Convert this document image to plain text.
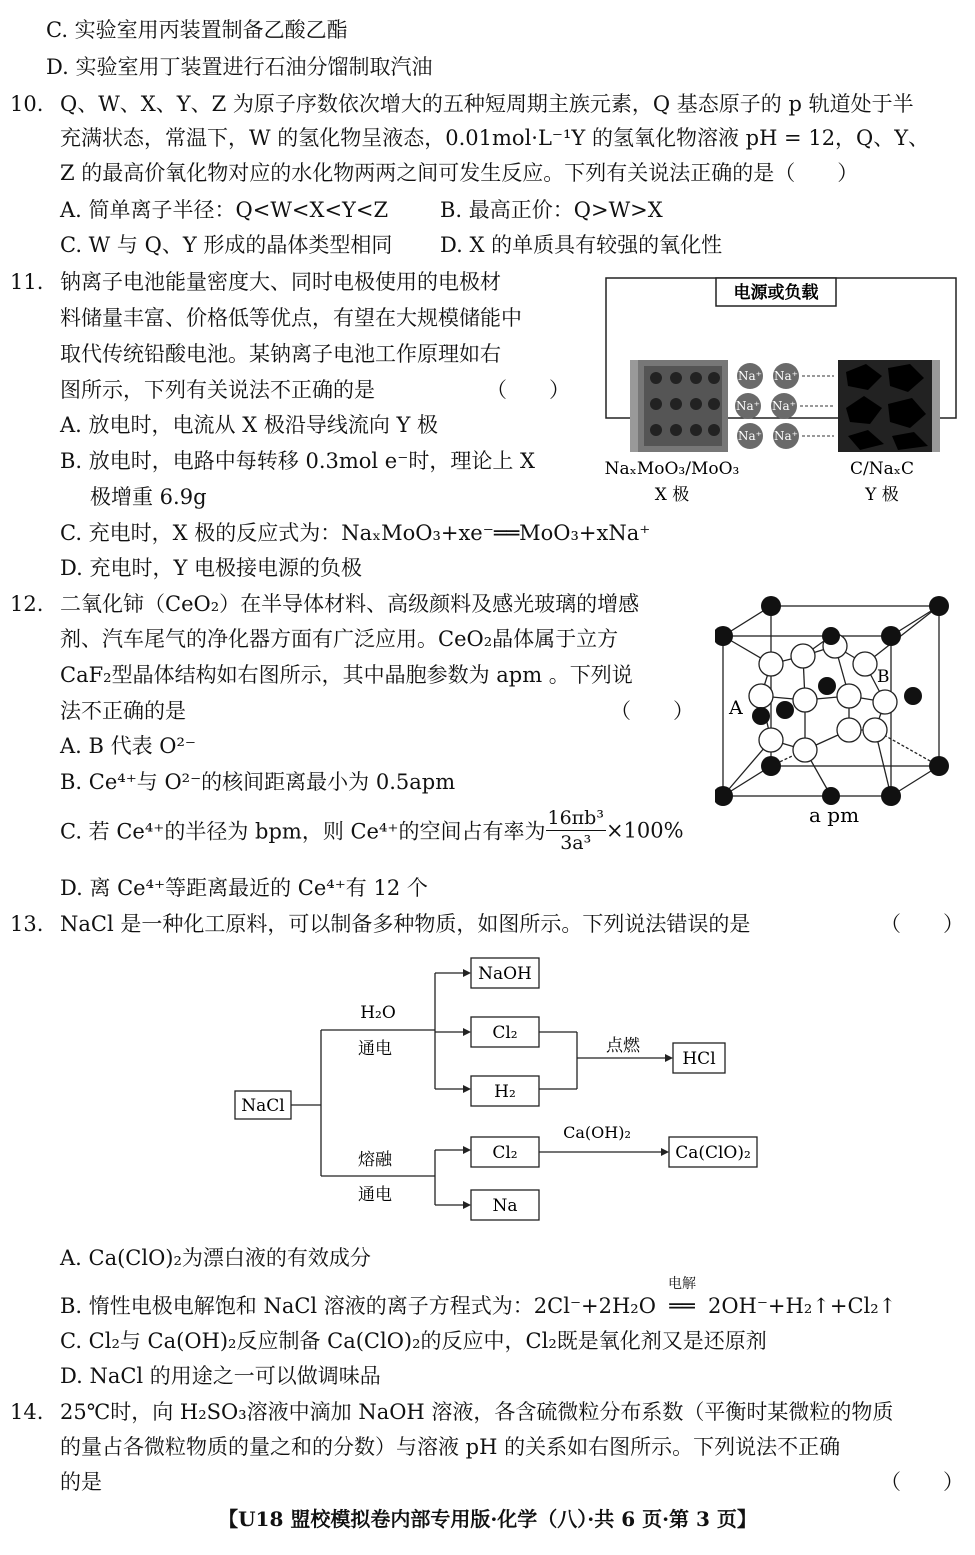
C. 实验室用丙装置制备乙酸乙酯
D. 实验室用丁装置进行石油分馏制取汽油
10. Q、W、X、Y、Z 为原子序数依次增大的五种短周期主族元素，Q 基态原子的 p 轨道处于半
充满状态，常温下，W 的氢化物呈液态，0.01mol·L⁻¹Y 的氢氧化物溶液 pH = 12，Q、Y、
Z 的最高价氧化物对应的水化物两两之间可发生反应。下列有关说法正确的是（　　）
A. 简单离子半径：Q<W<X<Y<Z B. 最高正价：Q>W>X
C. W 与 Q、Y 形成的晶体类型相同 D. X 的单质具有较强的氧化性
11. 钠离子电池能量密度大、同时电极使用的电极材
料储量丰富、价格低等优点，有望在大规模储能中
取代传统铅酸电池。某钠离子电池工作原理如右
图所示，下列有关说法不正确的是	（　　）
A. 放电时，电流从 X 极沿导线流向 Y 极
B. 放电时，电路中每转移 0.3mol e⁻时，理论上 X
极增重 6.9g
C. 充电时，X 极的反应式为：NaₓMoO₃+xe⁻══MoO₃+xNa⁺
D. 充电时，Y 电极接电源的负极
电源或负载
Na⁺ Na⁺
Na⁺ Na⁺
Na⁺ Na⁺
NaₓMoO₃/MoO₃
X 极
C/NaₓC
Y 极
12. 二氧化铈（CeO₂）在半导体材料、高级颜料及感光玻璃的增感
剂、汽车尾气的净化器方面有广泛应用。CeO₂晶体属于立方
CaF₂型晶体结构如右图所示，其中晶胞参数为 apm 。下列说
法不正确的是	（　　）
A. B 代表 O²⁻
B. Ce⁴⁺与 O²⁻的核间距离最小为 0.5apm
C. 若 Ce⁴⁺的半径为 bpm，则 Ce⁴⁺的空间占有率为 $\frac{\text{16πb³}}{\text{3a³}} \times 100\%$
D. 离 Ce⁴⁺等距离最近的 Ce⁴⁺有 12 个
A
B
a pm
13. NaCl 是一种化工原料，可以制备多种物质，如图所示。下列说法错误的是	（　　）
NaCl
NaOH
Cl₂
H₂
HCl
Cl₂	Ca(ClO)₂
Na
H₂O
通电	点燃
Ca(OH)₂
熔融
通电
A. Ca(ClO)₂为漂白液的有效成分
B. 惰性电极电解饱和 NaCl 溶液的离子方程式为：2Cl⁻+2H₂O
电解
══ 2OH⁻+H₂↑+Cl₂↑
C. Cl₂与 Ca(OH)₂反应制备 Ca(ClO)₂的反应中，Cl₂既是氧化剂又是还原剂
D. NaCl 的用途之一可以做调味品
14. 25℃时，向 H₂SO₃溶液中滴加 NaOH 溶液，各含硫微粒分布系数（平衡时某微粒的物质
的量占各微粒物质的量之和的分数）与溶液 pH 的关系如右图所示。下列说法不正确
的是	（　　）
【U18 盟校模拟卷内部专用版·化学（八）·共 6 页·第 3 页】
